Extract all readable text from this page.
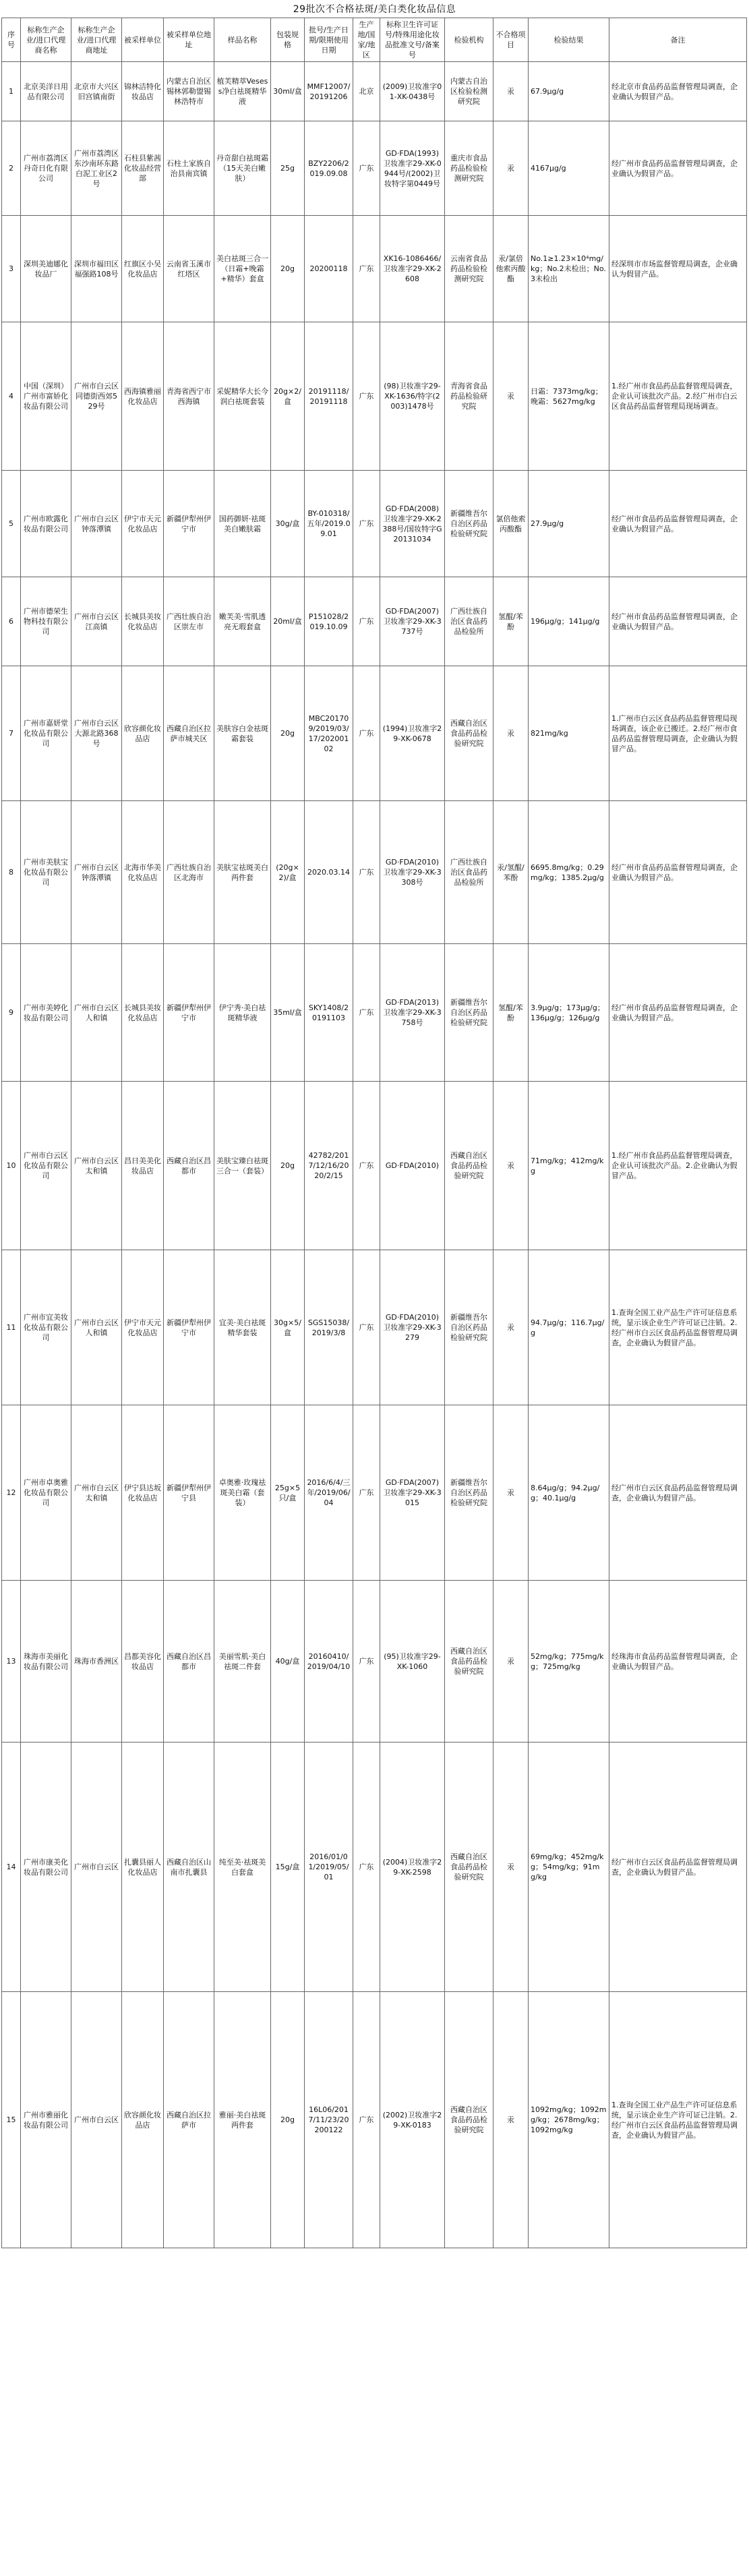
29批次不合格祛斑/美白类化妆品信息
序号	标称生产企业/进口代理商名称	标称生产企业/进口代理商地址	被采样单位	被采样单位地址	样品名称	包装规格	批号/生产日期/限期使用日期	生产地/国家/地区	标称卫生许可证号/特殊用途化妆品批准文号/备案号	检验机构	不合格项目	检验结果	备注
1	北京美洋日用品有限公司	北京市大兴区旧宫镇南街	锦林洁特化妆品店	内蒙古自治区锡林郭勒盟锡林浩特市	植芙精萃Vesess净白祛斑精华液	30ml/盒	MMF12007/20191206	北京	(2009)卫妆准字01-XK-0438号	内蒙古自治区检验检测研究院	汞	67.9μg/g	经北京市食品药品监督管理局调查，企业确认为假冒产品。
2	广州市荔湾区丹奇日化有限公司	广州市荔湾区东沙南环东路白泥工业区2号	石柱县紫茜化妆品经营部	石柱土家族自治县南宾镇	丹奇甜白祛斑霜（15天美白嫩肤）	25g	BZY2206/2019.09.08	广东	GD·FDA(1993)卫妆准字29-XK-0944号/(2002)卫妆特字第0449号	重庆市食品药品检验检测研究院	汞	4167μg/g	经广州市食品药品监督管理局调查，企业确认为假冒产品。
3	深圳美迪娜化妆品厂	深圳市福田区福强路108号	红旗区小吴化妆品店	云南省玉溪市红塔区	美白祛斑三合一（日霜+晚霜+精华）套盒	20g	20200118	广东	XK16-1086466/卫妆准字29-XK-2608	云南省食品药品检验检测研究院	汞/氯倍他索丙酸酯	No.1≥1.23×10⁴mg/kg；No.2未检出；No.3未检出	经深圳市市场监督管理局调查，企业确认为假冒产品。
4	中国（深圳）广州市富娇化妆品有限公司	广州市白云区同德街西郊529号	西海镇雅丽化妆品店	青海省西宁市西海镇	采妮精华大长今润白祛斑套装	20g×2/盒	20191118/20191118	广东	(98)卫妆准字29-XK-1636/特字(2003)1478号	青海省食品药品检验研究院	汞	日霜：7373mg/kg；晚霜：5627mg/kg	1.经广州市食品药品监督管理局调查，企业认可该批次产品。2.经广州市白云区食品药品监督管理局现场调查。
5	广州市欧露化妆品有限公司	广州市白云区钟落潭镇	伊宁市天元化妆品店	新疆伊犁州伊宁市	国药御妍·祛斑美白嫩肤霜	30g/盒	BY-010318/五年/2019.09.01	广东	GD·FDA(2008)卫妆准字29-XK-2388号/国妆特字G20131034	新疆维吾尔自治区药品检验研究院	氯倍他索丙酸酯	27.9μg/g	经广州市食品药品监督管理局调查，企业确认为假冒产品。
6	广州市德荣生物科技有限公司	广州市白云区江高镇	长城县美妆化妆品店	广西壮族自治区崇左市	嫩芙美·雪肌透亮无瑕套盒	20ml/盒	P151028/2019.10.09	广东	GD·FDA(2007)卫妆准字29-XK-3737号	广西壮族自治区食品药品检验所	氢醌/苯酚	196μg/g；141μg/g	经广州市食品药品监督管理局调查，企业确认为假冒产品。
7	广州市嘉妍堂化妆品有限公司	广州市白云区大源北路368号	欣容颜化妆品店	西藏自治区拉萨市城关区	美肤容白金祛斑霜套装	20g	MBC201709/2019/03/17/20200102	广东	(1994)卫妆准字29-XK-0678	西藏自治区食品药品检验研究院	汞	821mg/kg	1.广州市白云区食品药品监督管理局现场调查，该企业已搬迁。2.经广州市食品药品监督管理局调查，企业确认为假冒产品。
8	广州市美肤宝化妆品有限公司	广州市白云区钟落潭镇	北海市华美化妆品店	广西壮族自治区北海市	美肤宝祛斑美白两件套	(20g×2)/盒	2020.03.14	广东	GD·FDA(2010)卫妆准字29-XK-3308号	广西壮族自治区食品药品检验所	汞/氢醌/苯酚	6695.8mg/kg；0.29mg/kg；1385.2μg/g	经广州市食品药品监督管理局调查，企业确认为假冒产品。
9	广州市美婷化妆品有限公司	广州市白云区人和镇	长城县美妆化妆品店	新疆伊犁州伊宁市	伊宁秀·美白祛斑精华液	35ml/盒	SKY1408/20191103	广东	GD·FDA(2013)卫妆准字29-XK-3758号	新疆维吾尔自治区药品检验研究院	氢醌/苯酚	3.9μg/g；173μg/g；136μg/g；126μg/g	经广州市食品药品监督管理局调查，企业确认为假冒产品。
10	广州市白云区化妆品有限公司	广州市白云区太和镇	昌日美美化妆品店	西藏自治区昌都市	美肤宝臻白祛斑三合一（套装）	20g	42782/2017/12/16/2020/2/15	广东	GD·FDA(2010)	西藏自治区食品药品检验研究院	汞	71mg/kg；412mg/kg	1.经广州市食品药品监督管理局调查，企业认可该批次产品。2.企业确认为假冒产品。
11	广州市宜美妆化妆品有限公司	广州市白云区人和镇	伊宁市天元化妆品店	新疆伊犁州伊宁市	宜美·美白祛斑精华套装	30g×5/盒	SGS15038/2019/3/8	广东	GD·FDA(2010)卫妆准字29-XK-3279	新疆维吾尔自治区药品检验研究院	汞	94.7μg/g；116.7μg/g	1.查询全国工业产品生产许可证信息系统，显示该企业生产许可证已注销。2.经广州市白云区食品药品监督管理局调查，企业确认为假冒产品。
12	广州市卓奥雅化妆品有限公司	广州市白云区太和镇	伊宁县达坂化妆品店	新疆伊犁州伊宁县	卓奥雅·玫瑰祛斑美白霜（套装）	25g×5只/盒	2016/6/4/三年/2019/06/04	广东	GD·FDA(2007)卫妆准字29-XK-3015	新疆维吾尔自治区药品检验研究院	汞	8.64μg/g；94.2μg/g；40.1μg/g	经广州市白云区食品药品监督管理局调查，企业确认为假冒产品。
13	珠海市美丽化妆品有限公司	珠海市香洲区	昌都美容化妆品店	西藏自治区昌都市	美丽雪肌·美白祛斑二件套	40g/盒	20160410/2019/04/10	广东	(95)卫妆准字29-XK-1060	西藏自治区食品药品检验研究院	汞	52mg/kg；775mg/kg；725mg/kg	经珠海市食品药品监督管理局调查，企业确认为假冒产品。
14	广州市康美化妆品有限公司	广州市白云区	扎囊县丽人化妆品店	西藏自治区山南市扎囊县	纯至美·祛斑美白套盒	15g/盒	2016/01/01/2019/05/01	广东	(2004)卫妆准字29-XK-2598	西藏自治区食品药品检验研究院	汞	69mg/kg；452mg/kg；54mg/kg；91mg/kg	经广州市白云区食品药品监督管理局调查，企业确认为假冒产品。
15	广州市雅丽化妆品有限公司	广州市白云区	欣容颜化妆品店	西藏自治区拉萨市	雅丽·美白祛斑两件套	20g	16L06/2017/11/23/20200122	广东	(2002)卫妆准字29-XK-0183	西藏自治区食品药品检验研究院	汞	1092mg/kg；1092mg/kg；2678mg/kg；1092mg/kg	1.查询全国工业产品生产许可证信息系统，显示该企业生产许可证已注销。2.经广州市白云区食品药品监督管理局调查，企业确认为假冒产品。
